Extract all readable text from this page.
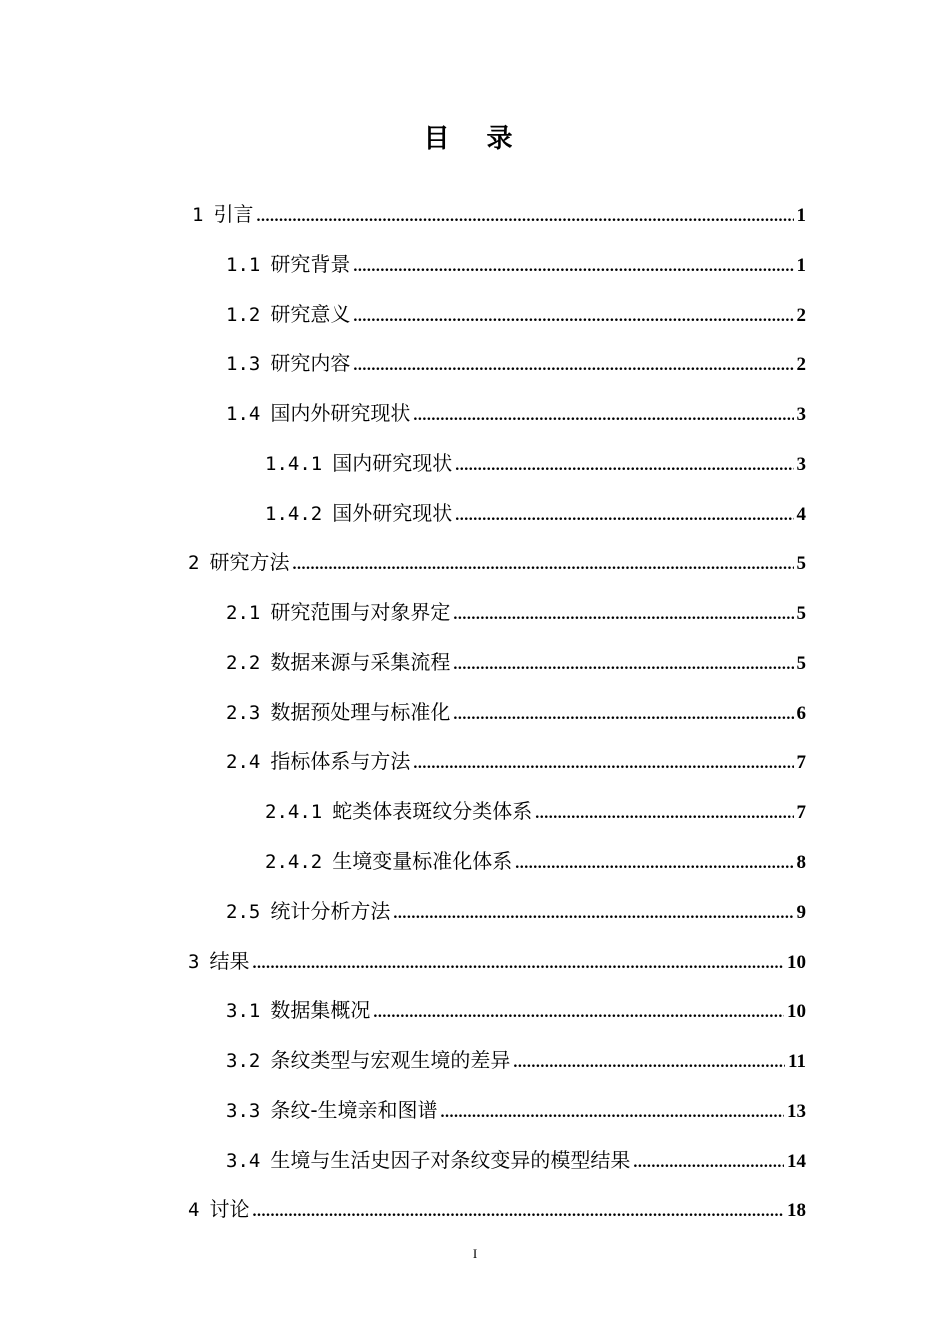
目 录
1 引言 .....	1
1.1 研究背景 .....	1
1.2 研究意义 .....	2
1.3 研究内容 .....	2
1.4 国内外研究现状 .....	3
1.4.1 国内研究现状 .....	3
1.4.2 国外研究现状 .....	4
2 研究方法 .....	5
2.1 研究范围与对象界定 .....	5
2.2 数据来源与采集流程 .....	5
2.3 数据预处理与标准化 .....	6
2.4 指标体系与方法 .....	7
2.4.1 蛇类体表斑纹分类体系 .....	7
2.4.2 生境变量标准化体系 .....	8
2.5 统计分析方法 .....	9
3 结果 .....	10
3.1 数据集概况 .....	10
3.2 条纹类型与宏观生境的差异 .....	11
3.3 条纹-生境亲和图谱 .....	13
3.4 生境与生活史因子对条纹变异的模型结果 .....	14
4 讨论 .....	18
I
